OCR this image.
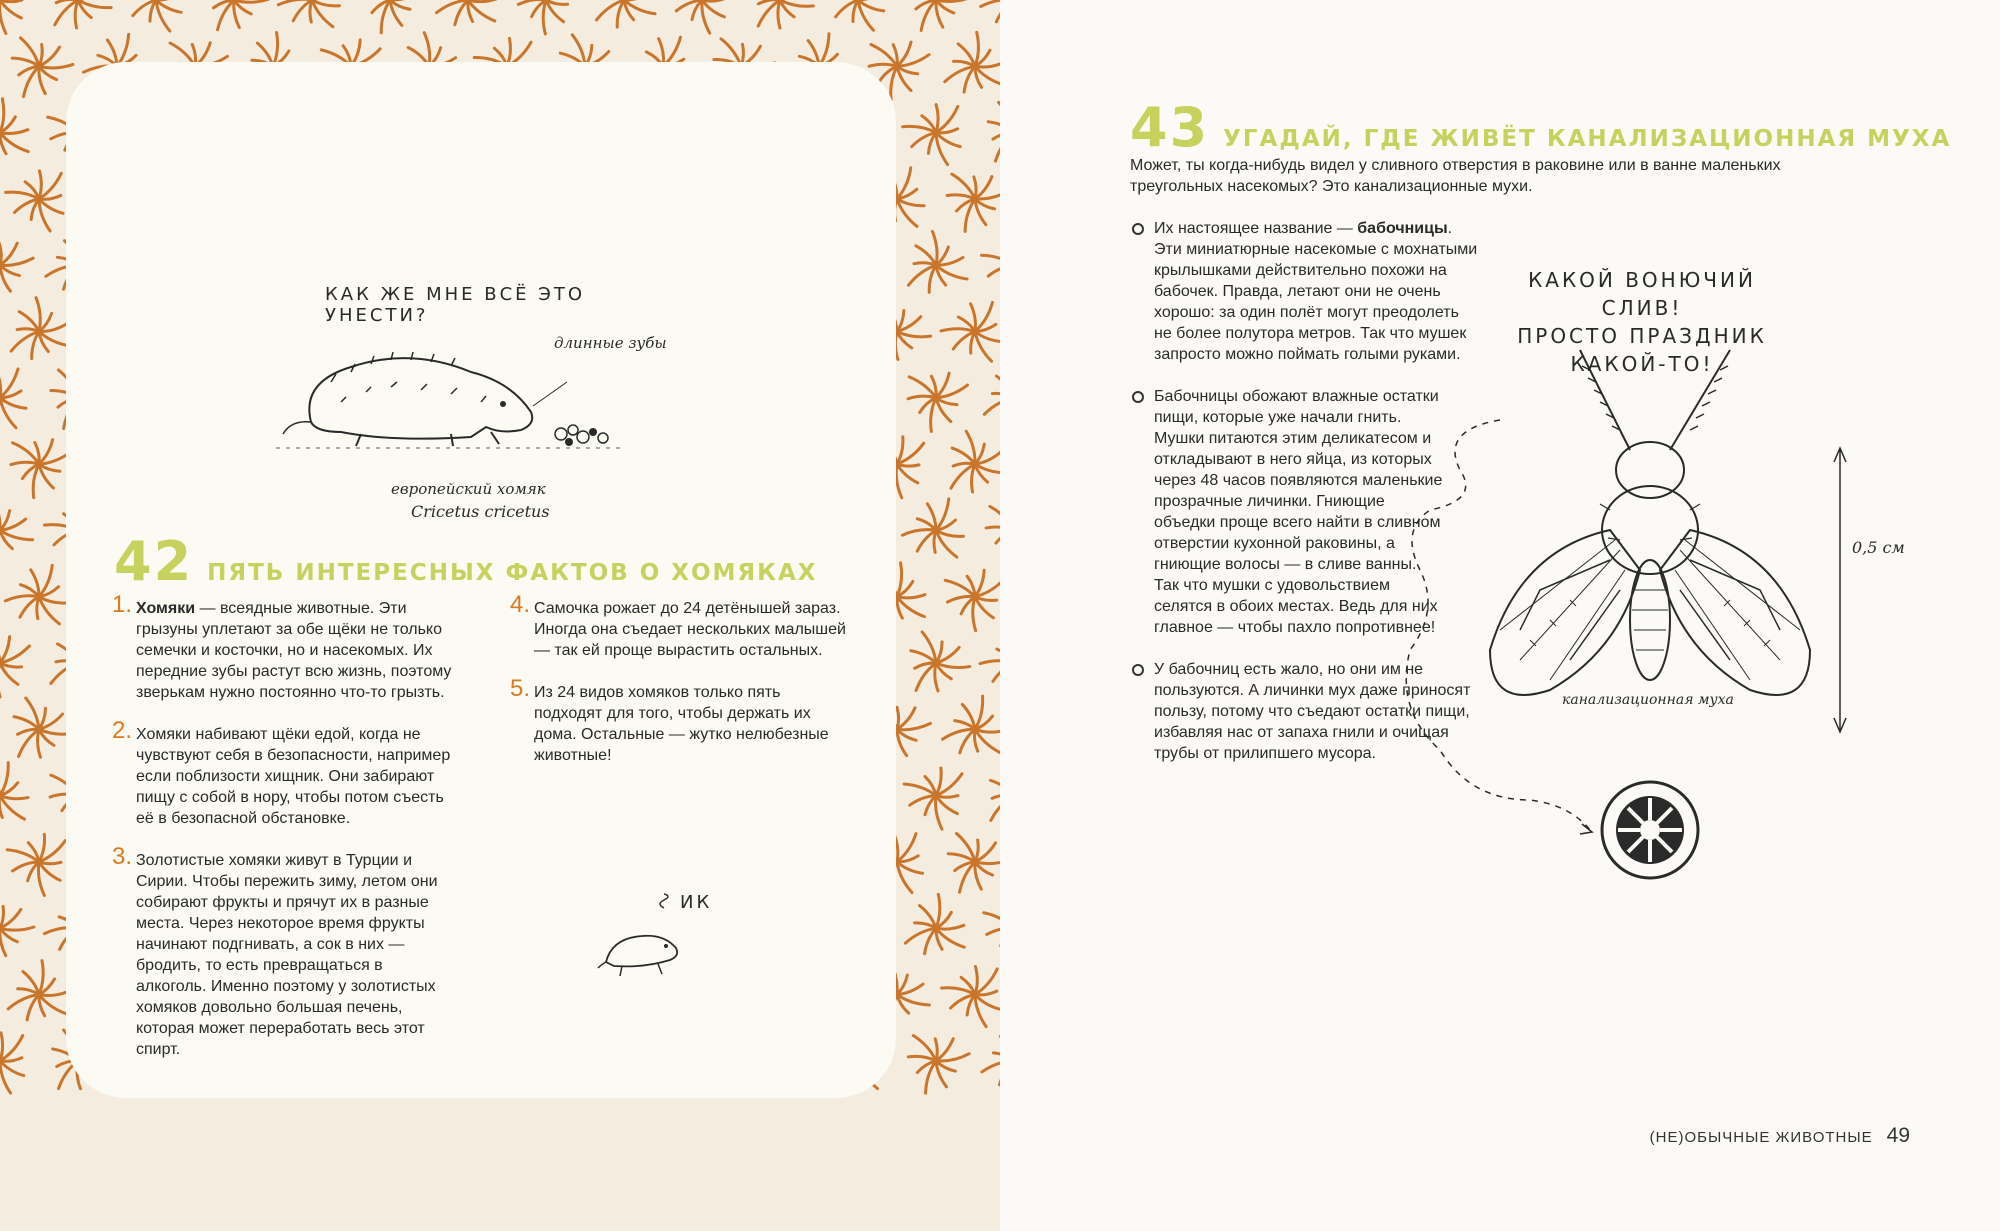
КАК ЖЕ МНЕ ВСЁ ЭТО УНЕСТИ?
длинные зубы
европейский хомяк
Cricetus cricetus
42 ПЯТЬ ИНТЕРЕСНЫХ ФАКТОВ О ХОМЯКАХ
1. Хомяки — всеядные животные. Эти грызуны уплетают за обе щёки не только семечки и косточки, но и насекомых. Их передние зубы растут всю жизнь, поэтому зверькам нужно постоянно что-то грызть.
2. Хомяки набивают щёки едой, когда не чувствуют себя в безопасности, например если поблизости хищник. Они забирают пищу с собой в нору, чтобы потом съесть её в безопасной обстановке.
3. Золотистые хомяки живут в Турции и Сирии. Чтобы пережить зиму, летом они собирают фрукты и прячут их в разные места. Через некоторое время фрукты начинают подгнивать, а сок в них — бродить, то есть превращаться в алкоголь. Именно поэтому у золотистых хомяков довольно большая печень, которая может переработать весь этот спирт.
4. Самочка рожает до 24 детёнышей зараз. Иногда она съедает нескольких малышей — так ей проще вырастить остальных.
5. Из 24 видов хомяков только пять подходят для того, чтобы держать их дома. Остальные — жутко нелюбезные животные!
ИК
43 УГАДАЙ, ГДЕ ЖИВЁТ КАНАЛИЗАЦИОННАЯ МУХА
Может, ты когда-нибудь видел у сливного отверстия в раковине или в ванне маленьких треугольных насекомых? Это канализационные мухи.
Их настоящее название — бабочницы. Эти миниатюрные насекомые с мохнатыми крылышками действительно похожи на бабочек. Правда, летают они не очень хорошо: за один полёт могут преодолеть не более полутора метров. Так что мушек запросто можно поймать голыми руками.
Бабочницы обожают влажные остатки пищи, которые уже начали гнить. Мушки питаются этим деликатесом и откладывают в него яйца, из которых через 48 часов появляются маленькие прозрачные личинки. Гниющие объедки проще всего найти в сливном отверстии кухонной раковины, а гниющие волосы — в сливе ванны. Так что мушки с удовольствием селятся в обоих местах. Ведь для них главное — чтобы пахло попротивнее!
У бабочниц есть жало, но они им не пользуются. А личинки мух даже приносят пользу, потому что съедают остатки пищи, избавляя нас от запаха гнили и очищая трубы от прилипшего мусора.
КАКОЙ ВОНЮЧИЙ СЛИВ!
ПРОСТО ПРАЗДНИК
КАКОЙ-ТО!
0,5 см
канализационная муха
(НЕ)ОБЫЧНЫЕ ЖИВОТНЫЕ 49
